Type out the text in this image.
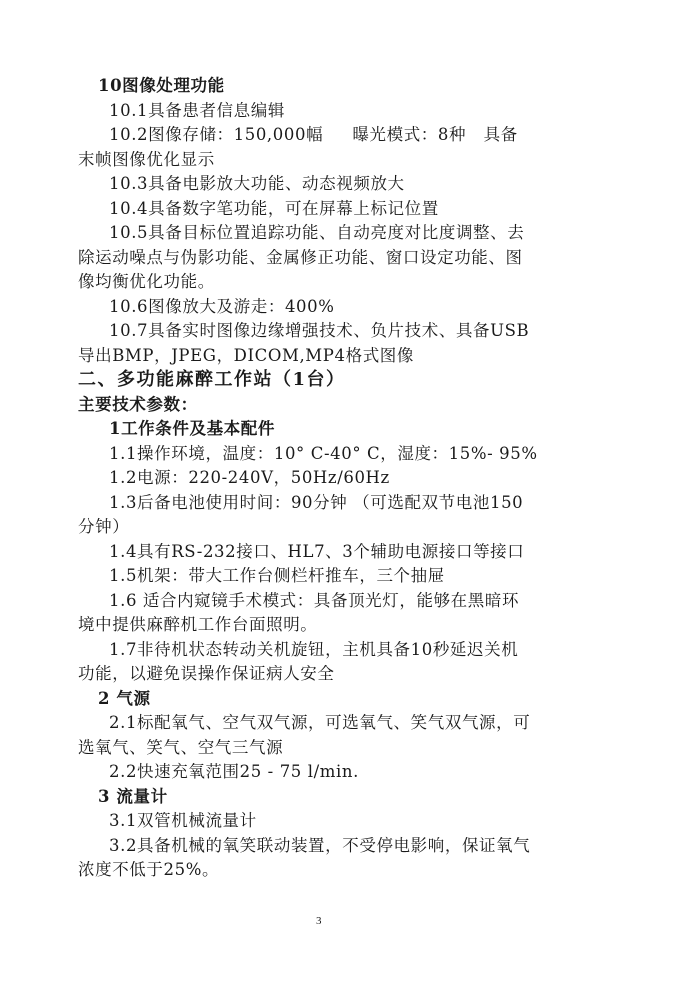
10图像处理功能

10.1具备患者信息编辑

10.2图像存储：150,000幅     曝光模式：8种   具备

末帧图像优化显示

10.3具备电影放大功能、动态视频放大

10.4具备数字笔功能，可在屏幕上标记位置

10.5具备目标位置追踪功能、自动亮度对比度调整、去

除运动噪点与伪影功能、金属修正功能、窗口设定功能、图

像均衡优化功能。

10.6图像放大及游走：400%

10.7具备实时图像边缘增强技术、负片技术、具备USB

导出BMP，JPEG，DICOM,MP4格式图像

二、多功能麻醉工作站（1台）

主要技术参数：

1工作条件及基本配件

1.1操作环境，温度：10° C-40° C，湿度：15%- 95%

1.2电源：220-240V，50Hz/60Hz

1.3后备电池使用时间：90分钟 （可选配双节电池150

分钟）

1.4具有RS-232接口、HL7、3个辅助电源接口等接口

1.5机架：带大工作台侧栏杆推车，三个抽屉

1.6 适合内窥镜手术模式：具备顶光灯，能够在黑暗环

境中提供麻醉机工作台面照明。

1.7非待机状态转动关机旋钮，主机具备10秒延迟关机

功能，以避免误操作保证病人安全

2 气源

2.1标配氧气、空气双气源，可选氧气、笑气双气源，可

选氧气、笑气、空气三气源

2.2快速充氧范围25 - 75 l/min.

3 流量计

3.1双管机械流量计

3.2具备机械的氧笑联动装置，不受停电影响，保证氧气

浓度不低于25%。

3
